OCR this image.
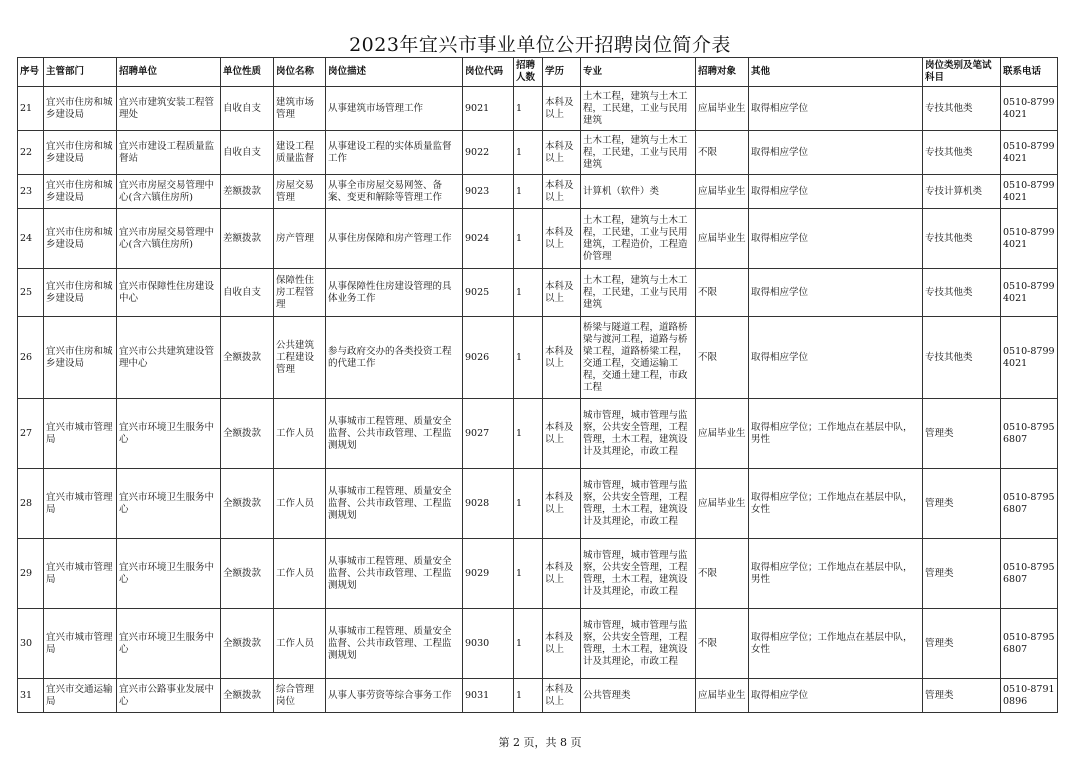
2023年宜兴市事业单位公开招聘岗位简介表
序号	主管部门	招聘单位	单位性质	岗位名称	岗位描述	岗位代码	招聘人数	学历	专业	招聘对象	其他	岗位类别及笔试科目	联系电话
21	宜兴市住房和城乡建设局	宜兴市建筑安装工程管理处	自收自支	建筑市场管理	从事建筑市场管理工作	9021	1	本科及以上	土木工程，建筑与土木工程，工民建，工业与民用建筑	应届毕业生	取得相应学位	专技其他类	0510-87994021
22	宜兴市住房和城乡建设局	宜兴市建设工程质量监督站	自收自支	建设工程质量监督	从事建设工程的实体质量监督工作	9022	1	本科及以上	土木工程，建筑与土木工程，工民建，工业与民用建筑	不限	取得相应学位	专技其他类	0510-87994021
23	宜兴市住房和城乡建设局	宜兴市房屋交易管理中心(含六镇住房所)	差额拨款	房屋交易管理	从事全市房屋交易网签、备案、变更和解除等管理工作	9023	1	本科及以上	计算机（软件）类	应届毕业生	取得相应学位	专技计算机类	0510-87994021
24	宜兴市住房和城乡建设局	宜兴市房屋交易管理中心(含六镇住房所)	差额拨款	房产管理	从事住房保障和房产管理工作	9024	1	本科及以上	土木工程，建筑与土木工程，工民建，工业与民用建筑，工程造价，工程造价管理	应届毕业生	取得相应学位	专技其他类	0510-87994021
25	宜兴市住房和城乡建设局	宜兴市保障性住房建设中心	自收自支	保障性住房工程管理	从事保障性住房建设管理的具体业务工作	9025	1	本科及以上	土木工程，建筑与土木工程，工民建，工业与民用建筑	不限	取得相应学位	专技其他类	0510-87994021
26	宜兴市住房和城乡建设局	宜兴市公共建筑建设管理中心	全额拨款	公共建筑工程建设管理	参与政府交办的各类投资工程的代建工作	9026	1	本科及以上	桥梁与隧道工程，道路桥梁与渡河工程，道路与桥梁工程，道路桥梁工程，交通工程，交通运输工程，交通土建工程，市政工程	不限	取得相应学位	专技其他类	0510-87994021
27	宜兴市城市管理局	宜兴市环境卫生服务中心	全额拨款	工作人员	从事城市工程管理、质量安全监督、公共市政管理、工程监测规划	9027	1	本科及以上	城市管理，城市管理与监察，公共安全管理，工程管理，土木工程，建筑设计及其理论，市政工程	应届毕业生	取得相应学位；工作地点在基层中队，男性	管理类	0510-87956807
28	宜兴市城市管理局	宜兴市环境卫生服务中心	全额拨款	工作人员	从事城市工程管理、质量安全监督、公共市政管理、工程监测规划	9028	1	本科及以上	城市管理，城市管理与监察，公共安全管理，工程管理，土木工程，建筑设计及其理论，市政工程	应届毕业生	取得相应学位；工作地点在基层中队，女性	管理类	0510-87956807
29	宜兴市城市管理局	宜兴市环境卫生服务中心	全额拨款	工作人员	从事城市工程管理、质量安全监督、公共市政管理、工程监测规划	9029	1	本科及以上	城市管理，城市管理与监察，公共安全管理，工程管理，土木工程，建筑设计及其理论，市政工程	不限	取得相应学位；工作地点在基层中队，男性	管理类	0510-87956807
30	宜兴市城市管理局	宜兴市环境卫生服务中心	全额拨款	工作人员	从事城市工程管理、质量安全监督、公共市政管理、工程监测规划	9030	1	本科及以上	城市管理，城市管理与监察，公共安全管理，工程管理，土木工程，建筑设计及其理论，市政工程	不限	取得相应学位；工作地点在基层中队，女性	管理类	0510-87956807
31	宜兴市交通运输局	宜兴市公路事业发展中心	全额拨款	综合管理岗位	从事人事劳资等综合事务工作	9031	1	本科及以上	公共管理类	应届毕业生	取得相应学位	管理类	0510-87910896
第 2 页，共 8 页
